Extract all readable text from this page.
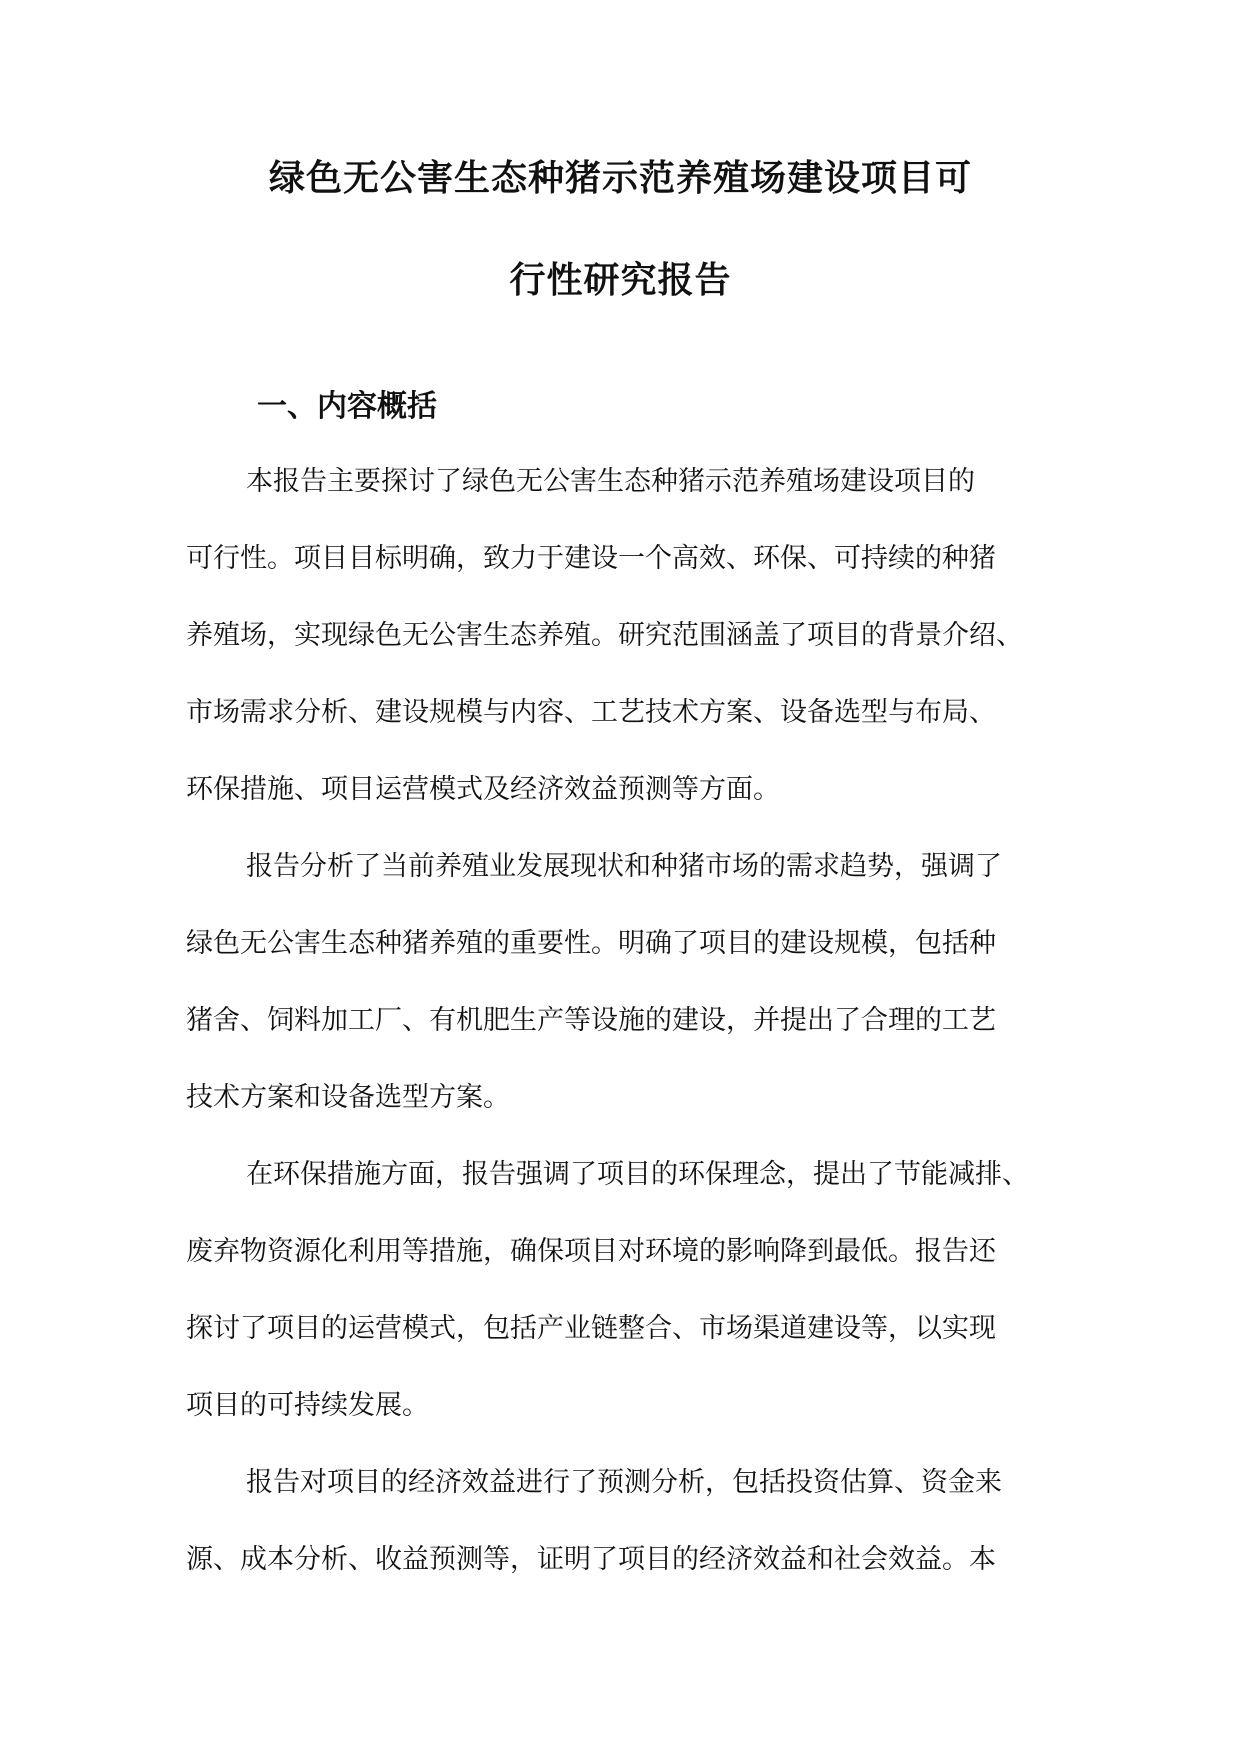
绿色无公害生态种猪示范养殖场建设项目可
行性研究报告
一、内容概括
本报告主要探讨了绿色无公害生态种猪示范养殖场建设项目的
可行性。项目目标明确，致力于建设一个高效、环保、可持续的种猪
养殖场，实现绿色无公害生态养殖。研究范围涵盖了项目的背景介绍、
市场需求分析、建设规模与内容、工艺技术方案、设备选型与布局、
环保措施、项目运营模式及经济效益预测等方面。
报告分析了当前养殖业发展现状和种猪市场的需求趋势，强调了
绿色无公害生态种猪养殖的重要性。明确了项目的建设规模，包括种
猪舍、饲料加工厂、有机肥生产等设施的建设，并提出了合理的工艺
技术方案和设备选型方案。
在环保措施方面，报告强调了项目的环保理念，提出了节能减排、
废弃物资源化利用等措施，确保项目对环境的影响降到最低。报告还
探讨了项目的运营模式，包括产业链整合、市场渠道建设等，以实现
项目的可持续发展。
报告对项目的经济效益进行了预测分析，包括投资估算、资金来
源、成本分析、收益预测等，证明了项目的经济效益和社会效益。本
